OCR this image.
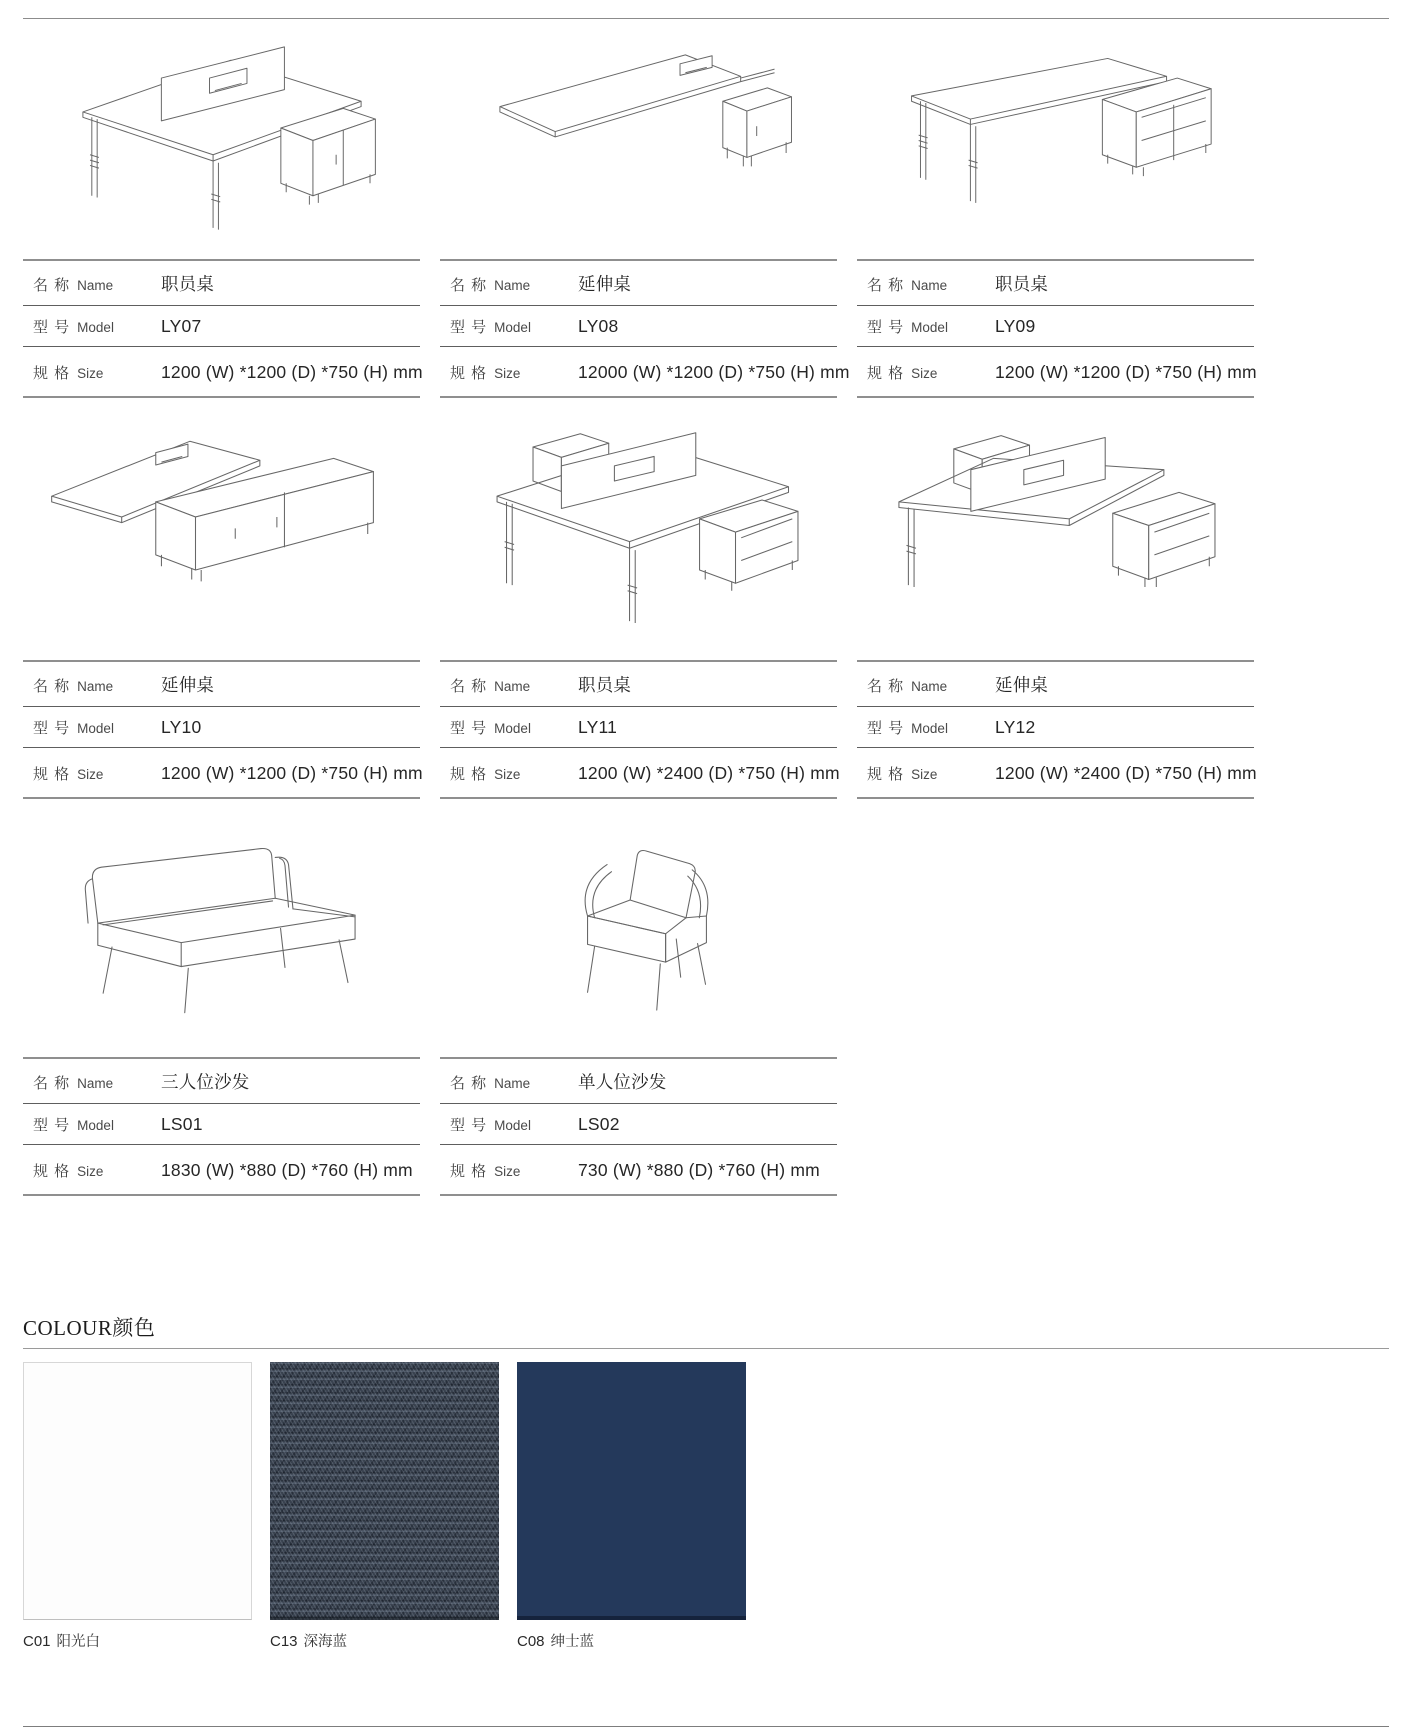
名 称 Name	职员桌
型 号 Model	LY07
规 格 Size	1200 (W) *1200 (D) *750 (H) mm
名 称 Name	延伸桌
型 号 Model	LY08
规 格 Size	12000 (W) *1200 (D) *750 (H) mm
名 称 Name	职员桌
型 号 Model	LY09
规 格 Size	1200 (W) *1200 (D) *750 (H) mm
名 称 Name	延伸桌
型 号 Model	LY10
规 格 Size	1200 (W) *1200 (D) *750 (H) mm
名 称 Name	职员桌
型 号 Model	LY11
规 格 Size	1200 (W) *2400 (D) *750 (H) mm
名 称 Name	延伸桌
型 号 Model	LY12
规 格 Size	1200 (W) *2400 (D) *750 (H) mm
名 称 Name	三人位沙发
型 号 Model	LS01
规 格 Size	1830 (W) *880 (D) *760 (H) mm
名 称 Name	单人位沙发
型 号 Model	LS02
规 格 Size	730 (W) *880 (D) *760 (H) mm
COLOUR颜色
C01 阳光白	C13 深海蓝	C08 绅士蓝
